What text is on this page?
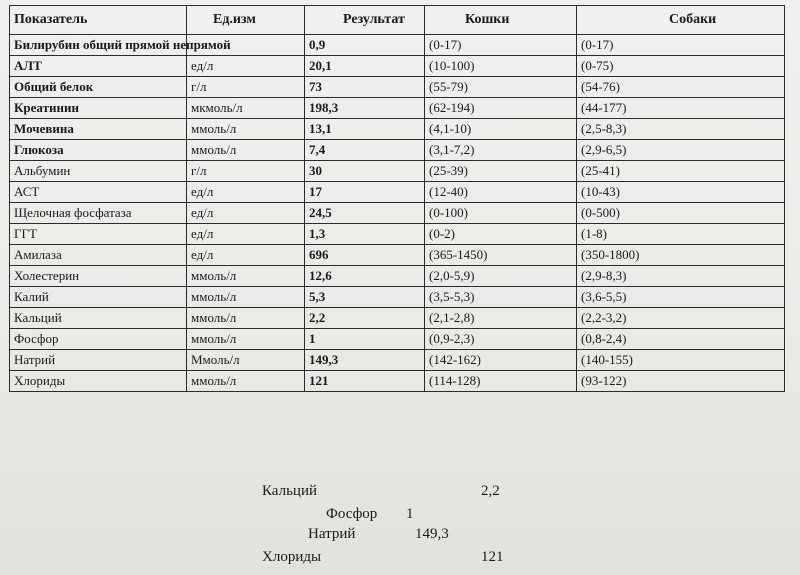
Показатель	Ед.изм	Результат	Кошки	Собаки
Билирубин общий прямой непрямой		0,9	(0-17)	(0-17)
АЛТ	ед/л	20,1	(10-100)	(0-75)
Общий белок	г/л	73	(55-79)	(54-76)
Креатинин	мкмоль/л	198,3	(62-194)	(44-177)
Мочевина	ммоль/л	13,1	(4,1-10)	(2,5-8,3)
Глюкоза	ммоль/л	7,4	(3,1-7,2)	(2,9-6,5)
Альбумин	г/л	30	(25-39)	(25-41)
АСТ	ед/л	17	(12-40)	(10-43)
Щелочная фосфатаза	ед/л	24,5	(0-100)	(0-500)
ГГТ	ед/л	1,3	(0-2)	(1-8)
Амилаза	ед/л	696	(365-1450)	(350-1800)
Холестерин	ммоль/л	12,6	(2,0-5,9)	(2,9-8,3)
Калий	ммоль/л	5,3	(3,5-5,3)	(3,6-5,5)
Кальций	ммоль/л	2,2	(2,1-2,8)	(2,2-3,2)
Фосфор	ммоль/л	1	(0,9-2,3)	(0,8-2,4)
Натрий	Ммоль/л	149,3	(142-162)	(140-155)
Хлориды	ммоль/л	121	(114-128)	(93-122)
Кальций	2,2
Фосфор 1
Натрий	149,3
Хлориды	121
